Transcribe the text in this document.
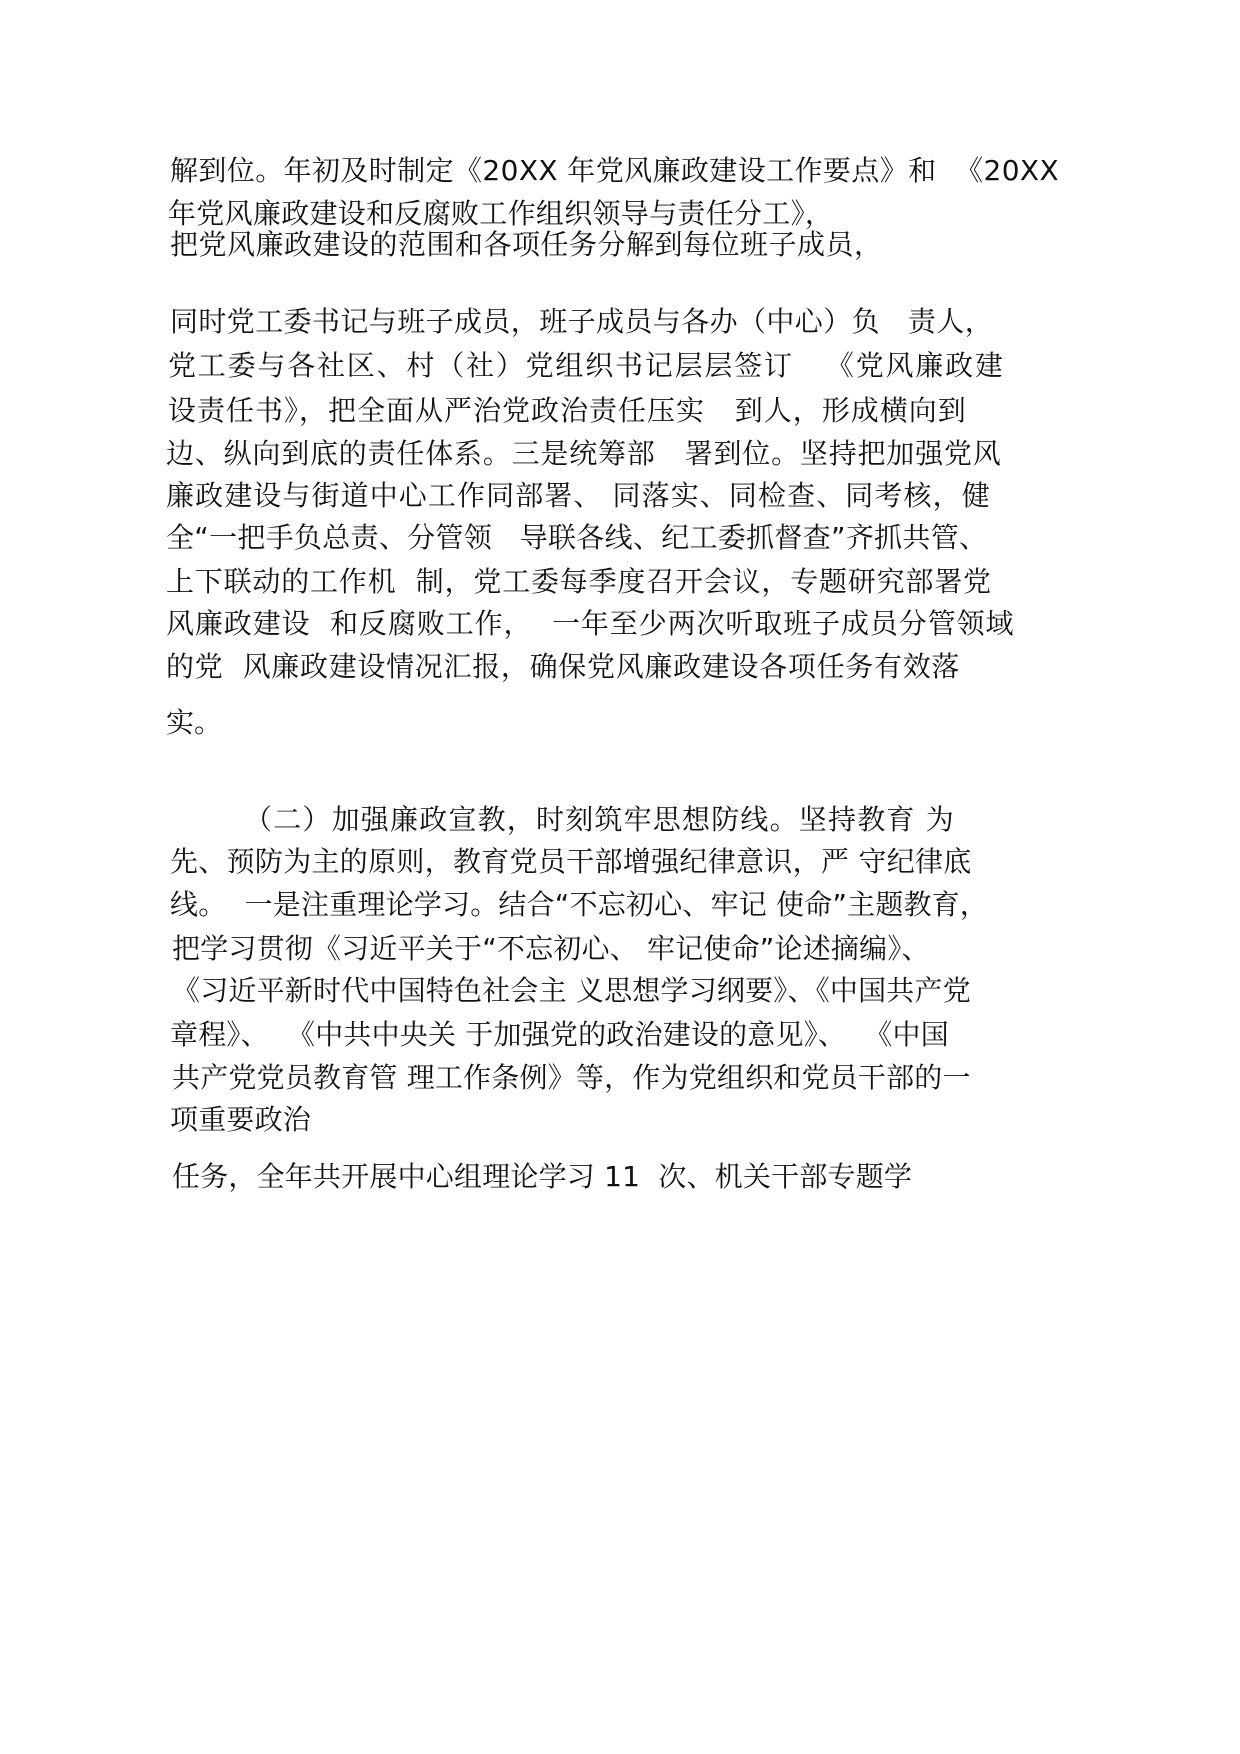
解到位。年初及时制定《20XX 年党风廉政建设工作要点》和  《20XX

年党风廉政建设和反腐败工作组织领导与责任分工》，

把党风廉政建设的范围和各项任务分解到每位班子成员，

同时党工委书记与班子成员，班子成员与各办（中心）负   责人，

党工委与各社区、村（社）党组织书记层层签订   《党风廉政建

设责任书》，把全面从严治党政治责任压实   到人，形成横向到

边、纵向到底的责任体系。三是统筹部   署到位。坚持把加强党风

廉政建设与街道中心工作同部署、 同落实、同检查、同考核，健

全“一把手负总责、分管领   导联各线、纪工委抓督查”齐抓共管、

上下联动的工作机  制，党工委每季度召开会议，专题研究部署党

风廉政建设  和反腐败工作，  一年至少两次听取班子成员分管领域

的党  风廉政建设情况汇报，确保党风廉政建设各项任务有效落

实。

（二）加强廉政宣教，时刻筑牢思想防线。坚持教育 为

先、预防为主的原则，教育党员干部增强纪律意识，严 守纪律底

线。  一是注重理论学习。结合“不忘初心、牢记 使命”主题教育，

把学习贯彻《习近平关于“不忘初心、 牢记使命”论述摘编》、

《习近平新时代中国特色社会主 义思想学习纲要》、《中国共产党

章程》、  《中共中央关 于加强党的政治建设的意见》、  《中国

共产党党员教育管 理工作条例》等，作为党组织和党员干部的一

项重要政治

任务，全年共开展中心组理论学习 11  次、机关干部专题学
